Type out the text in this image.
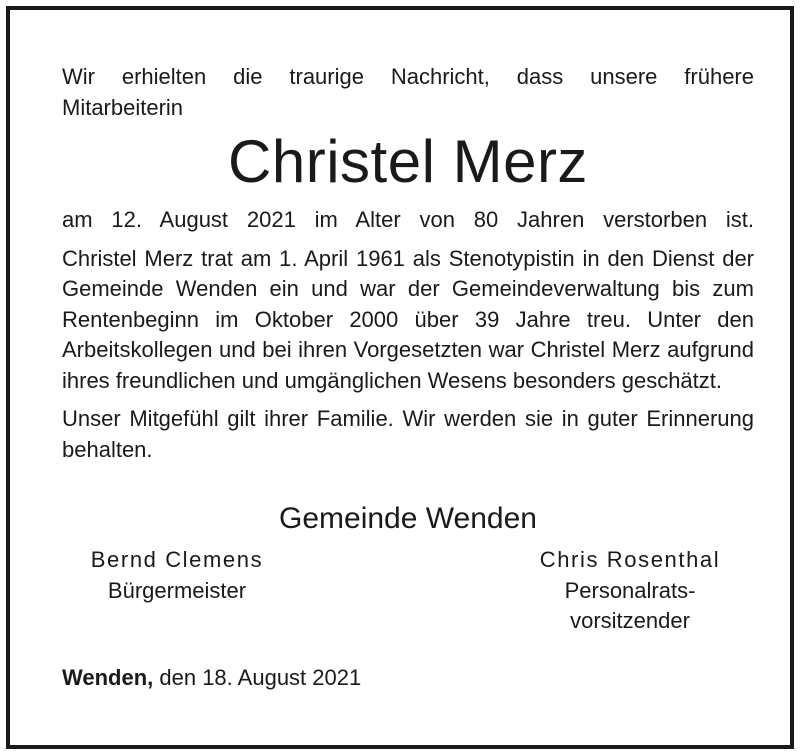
Wir erhielten die traurige Nachricht, dass unsere frühere
Mitarbeiterin

Christel Merz

am 12. August 2021 im Alter von 80 Jahren verstorben ist.

Christel Merz trat am 1. April 1961 als Stenotypistin in den Dienst der Gemeinde Wenden ein und war der Gemeindeverwaltung bis zum Rentenbeginn im Oktober 2000 über 39 Jahre treu. Unter den Arbeitskollegen und bei ihren Vorgesetzten war Christel Merz aufgrund ihres freundlichen und umgänglichen Wesens besonders geschätzt.

Unser Mitgefühl gilt ihrer Familie. Wir werden sie in guter Erinnerung behalten.

Gemeinde Wenden
Bernd Clemens
Bürgermeister
Chris Rosenthal
Personalrats-
vorsitzender
Wenden, den 18. August 2021
